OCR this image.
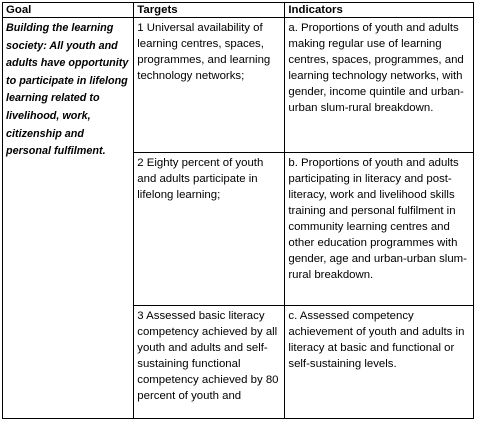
Goal	Targets	Indicators

Building the learning society: All youth and adults have opportunity to participate in lifelong learning related to livelihood, work, citizenship and personal fulfilment.	1 Universal availability of learning centres, spaces, programmes, and learning technology networks;	a. Proportions of youth and adults making regular use of learning centres, spaces, programmes, and learning technology networks, with gender, income quintile and urban-urban slum-rural breakdown.
	2 Eighty percent of youth and adults participate in lifelong learning;	b. Proportions of youth and adults participating in literacy and post-literacy, work and livelihood skills training and personal fulfilment in community learning centres and other education programmes with gender, age and urban-urban slum-rural breakdown.
	3 Assessed basic literacy competency achieved by all youth and adults and self-sustaining functional competency achieved by 80 percent of youth and	c. Assessed competency achievement of youth and adults in literacy at basic and functional or self-sustaining levels.
